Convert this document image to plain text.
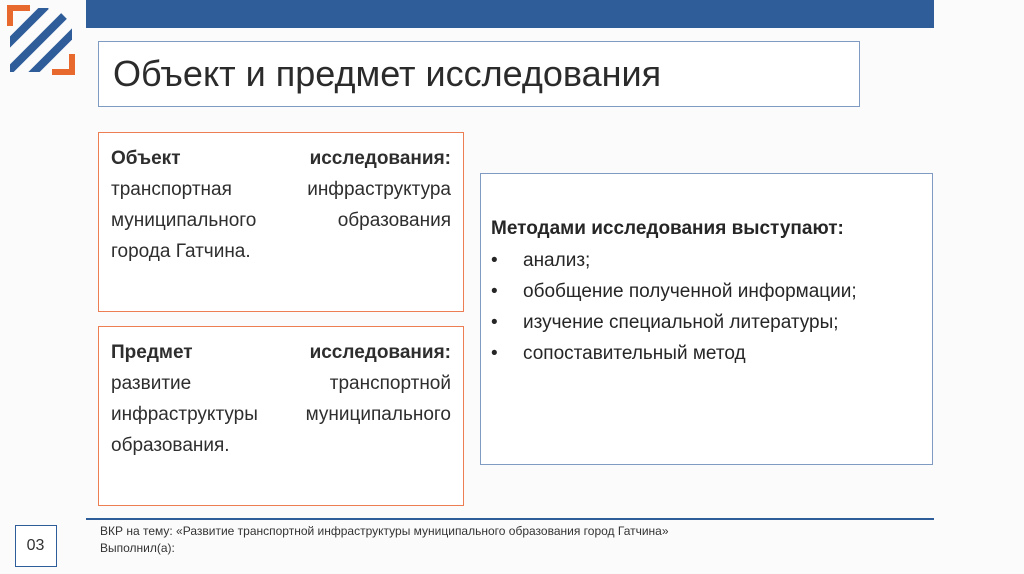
Объект и предмет исследования
Объект	исследования:
транспортная	инфраструктура
муниципального	образования
города Гатчина.
Предмет	исследования:
развитие	транспортной
инфраструктуры	муниципального
образования.
Методами исследования выступают:
• анализ;
• обобщение полученной информации;
• изучение специальной литературы;
• сопоставительный метод
03
ВКР на тему: «Развитие транспортной инфраструктуры муниципального образования город Гатчина»
Выполнил(а):
